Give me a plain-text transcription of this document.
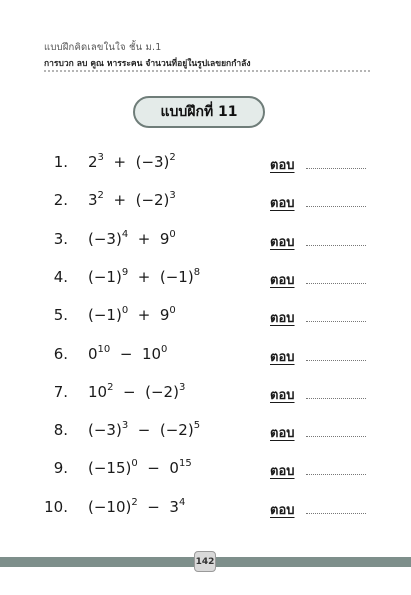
แบบฝึกคิดเลขในใจ ชั้น ม.1
การบวก ลบ คูณ หารระคน จำนวนที่อยู่ในรูปเลขยกกำลัง
แบบฝึกที่ 11
1. $2^3 + (-3)^2$
ตอบ
2. $3^2 + (-2)^3$
ตอบ
3. $(-3)^4 + 9^0$
ตอบ
4. $(-1)^9 + (-1)^8$
ตอบ
5. $(-1)^0 + 9^0$
ตอบ
6. $0^{10} - 10^0$
ตอบ
7. $10^2 - (-2)^3$
ตอบ
8. $(-3)^3 - (-2)^5$
ตอบ
9. $(-15)^0 - 0^{15}$
ตอบ
10. $(-10)^2 - 3^4$
ตอบ
142
